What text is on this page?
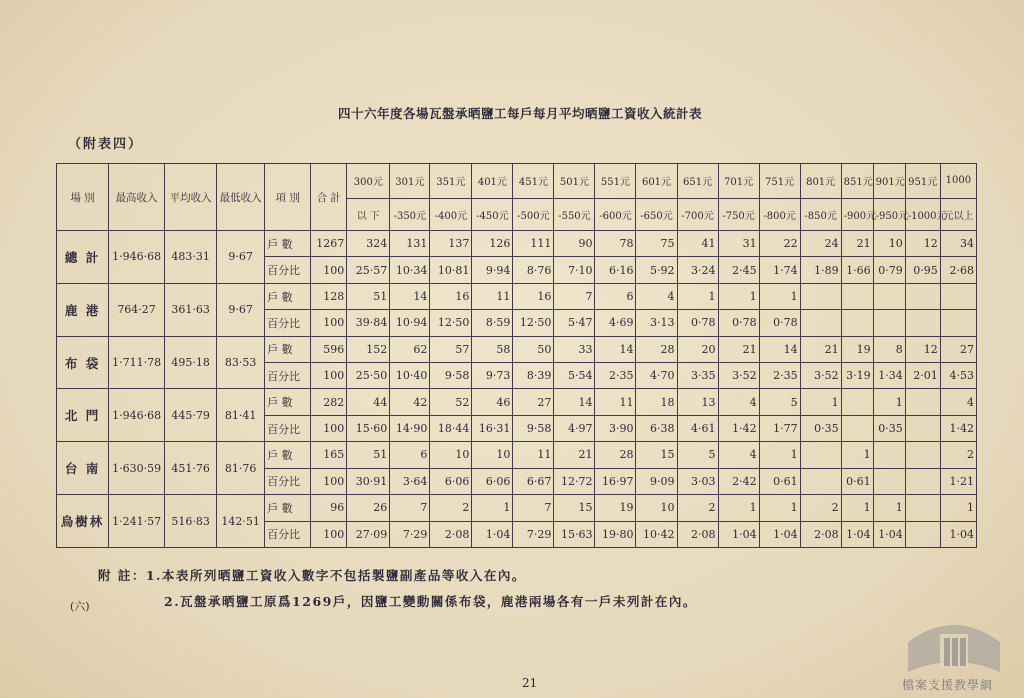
四十六年度各場瓦盤承晒鹽工每戶每月平均晒鹽工資收入統計表
（附表四）
場 別	最高收入	平均收入	最低收入	項 別	合 計	300元	301元	351元	401元	451元	501元	551元	601元	651元	701元	751元	801元	851元	901元	951元	1000
						以 下	-350元	-400元	-450元	-500元	-550元	-600元	-650元	-700元	-750元	-800元	-850元	-900元	-950元	-1000元	元以上
總 計	1·946·68	483·31	9·67	戶 數	1267	324	131	137	126	111	90	78	75	41	31	22	24	21	10	12	34
				百分比	100	25·57	10·34	10·81	9·94	8·76	7·10	6·16	5·92	3·24	2·45	1·74	1·89	1·66	0·79	0·95	2·68
鹿 港	764·27	361·63	9·67	戶 數	128	51	14	16	11	16	7	6	4	1	1	1					
				百分比	100	39·84	10·94	12·50	8·59	12·50	5·47	4·69	3·13	0·78	0·78	0·78					
布 袋	1·711·78	495·18	83·53	戶 數	596	152	62	57	58	50	33	14	28	20	21	14	21	19	8	12	27
				百分比	100	25·50	10·40	9·58	9·73	8·39	5·54	2·35	4·70	3·35	3·52	2·35	3·52	3·19	1·34	2·01	4·53
北 門	1·946·68	445·79	81·41	戶 數	282	44	42	52	46	27	14	11	18	13	4	5	1		1		4
				百分比	100	15·60	14·90	18·44	16·31	9·58	4·97	3·90	6·38	4·61	1·42	1·77	0·35		0·35		1·42
台 南	1·630·59	451·76	81·76	戶 數	165	51	6	10	10	11	21	28	15	5	4	1		1			2
				百分比	100	30·91	3·64	6·06	6·06	6·67	12·72	16·97	9·09	3·03	2·42	0·61		0·61			1·21
烏樹林	1·241·57	516·83	142·51	戶 數	96	26	7	2	1	7	15	19	10	2	1	1	2	1	1		1
				百分比	100	27·09	7·29	2·08	1·04	7·29	15·63	19·80	10·42	2·08	1·04	1·04	2·08	1·04	1·04		1·04
附 註：1.本表所列晒鹽工資收入數字不包括製鹽副產品等收入在內。
2.瓦盤承晒鹽工原爲1269戶，因鹽工變動關係布袋，鹿港兩場各有一戶未列計在內。
(六)
21	檔案支援教學網
